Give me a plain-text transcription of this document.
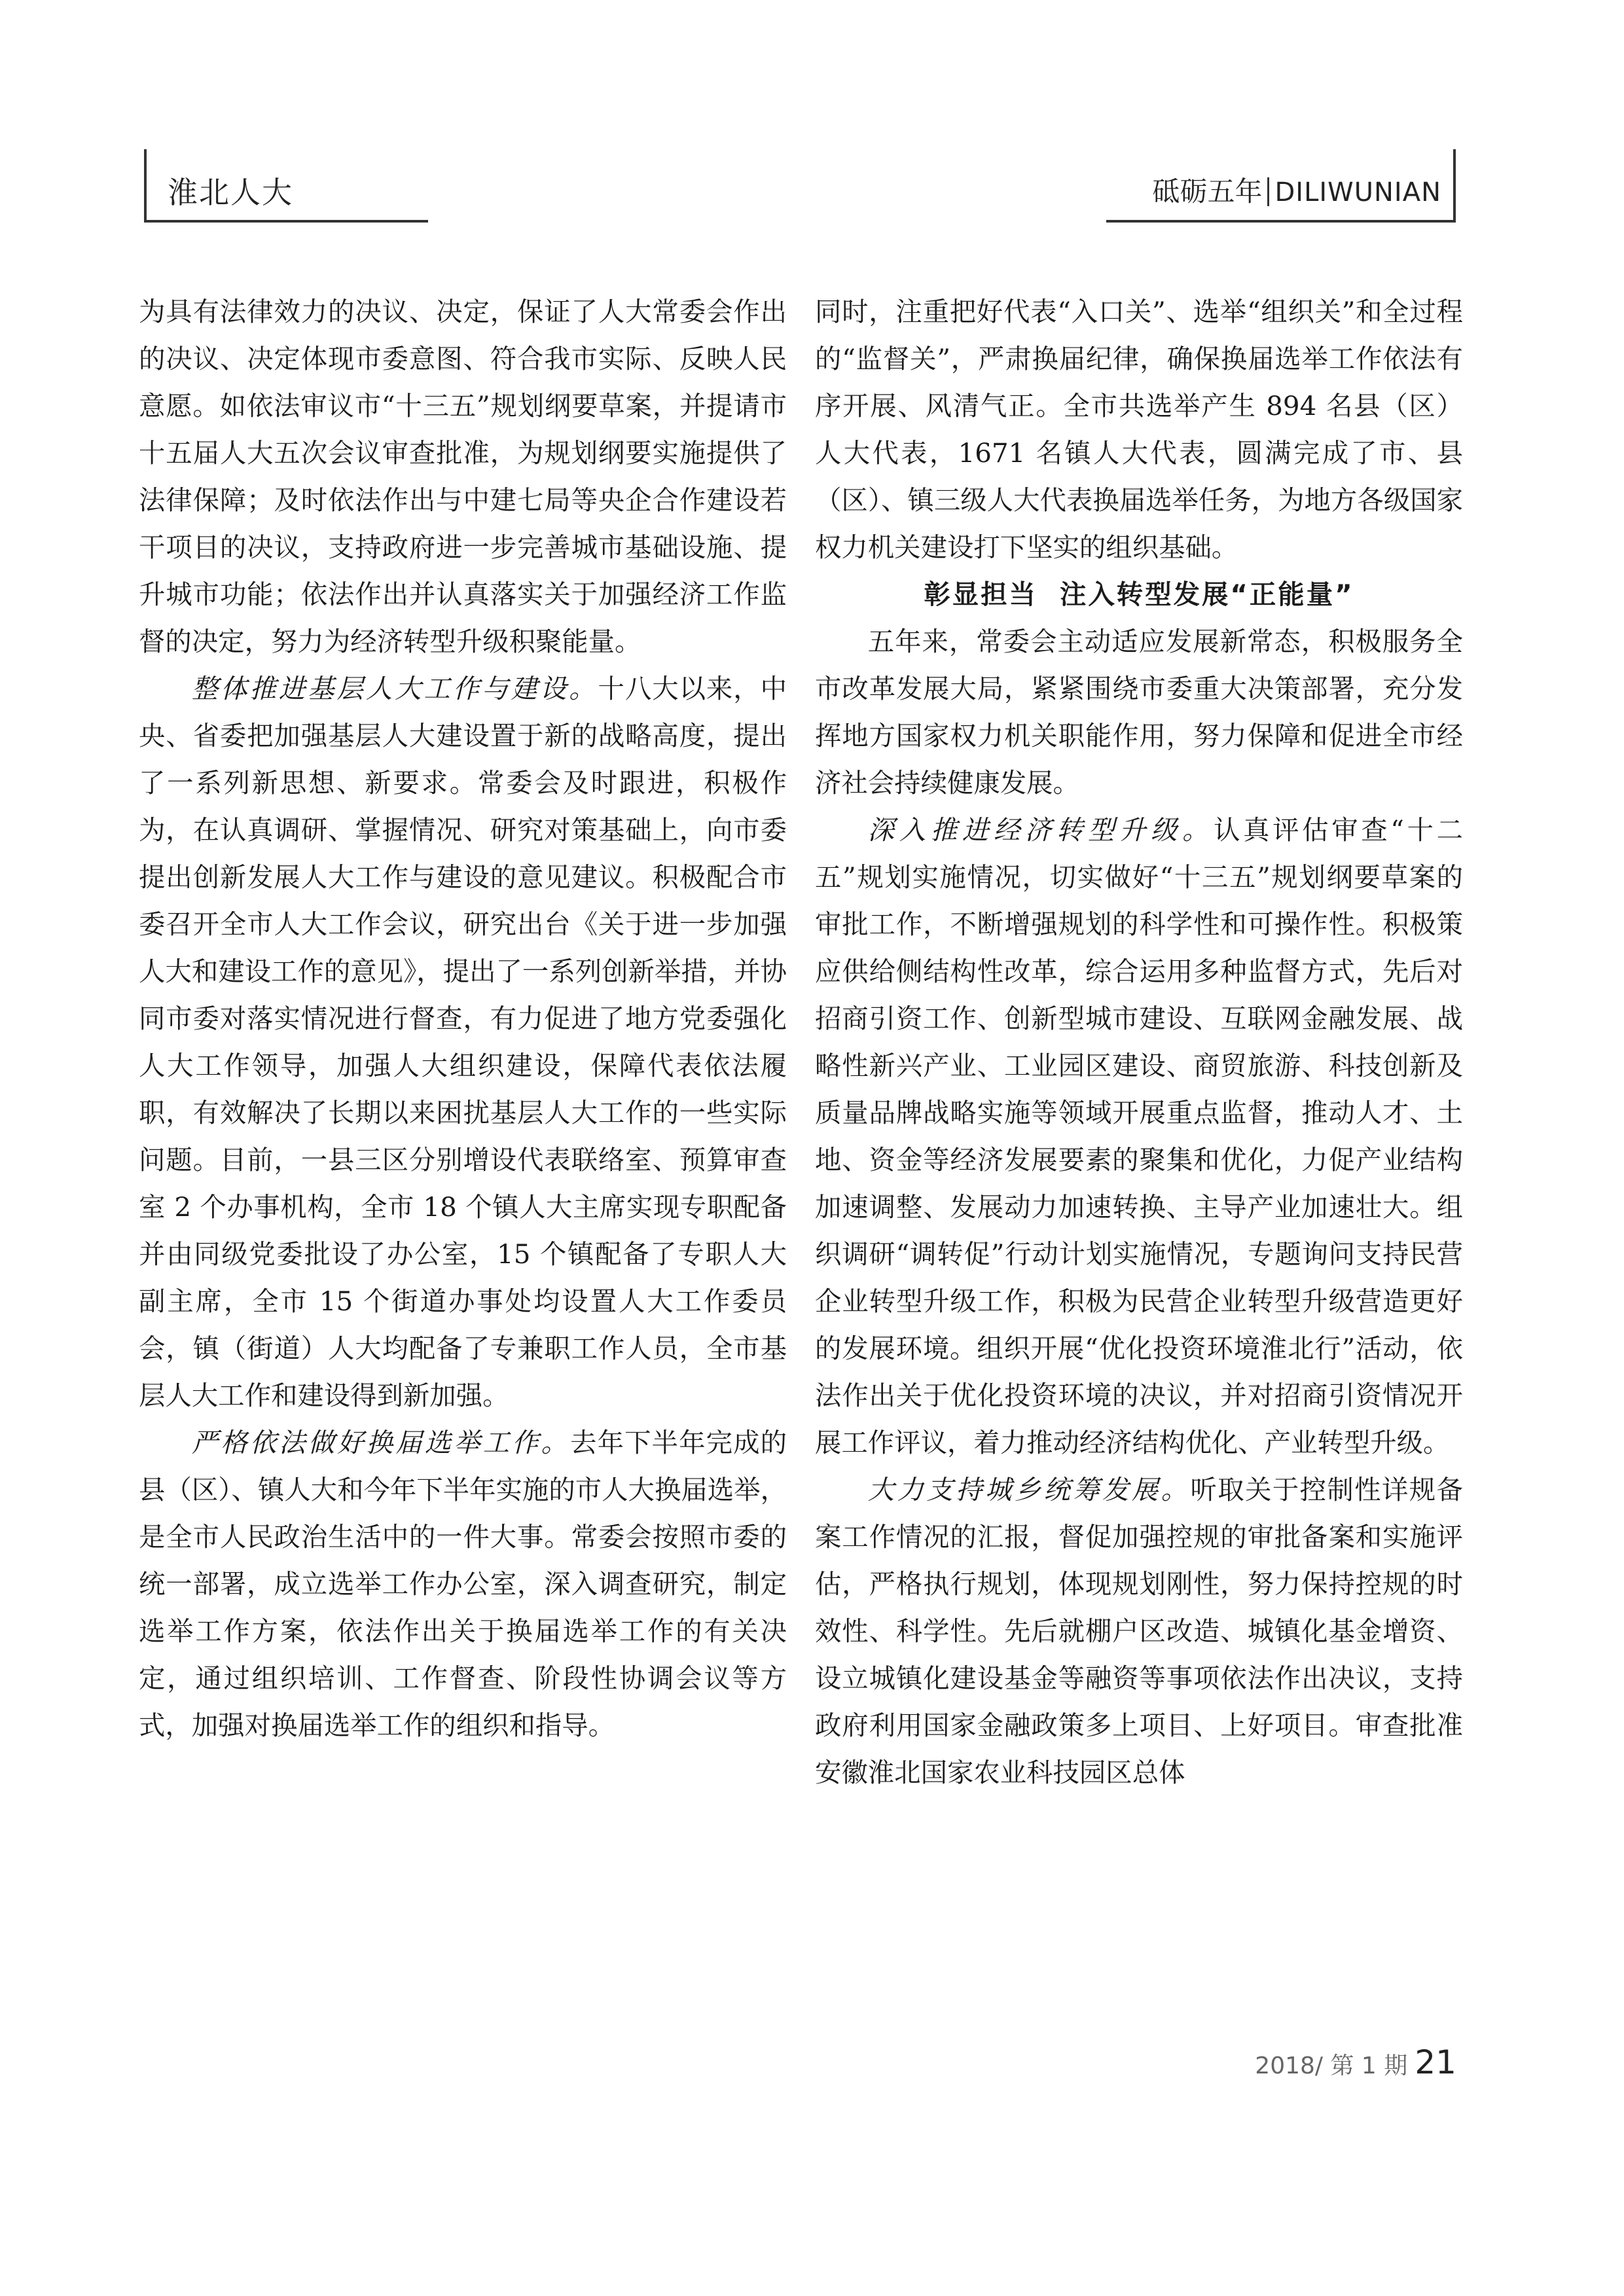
淮北人大	砥砺五年 DILIWUNIAN

为具有法律效力的决议、决定，保证了人大常委会作出的决议、决定体现市委意图、符合我市实际、反映人民意愿。如依法审议市“十三五”规划纲要草案，并提请市十五届人大五次会议审查批准，为规划纲要实施提供了法律保障；及时依法作出与中建七局等央企合作建设若干项目的决议，支持政府进一步完善城市基础设施、提升城市功能；依法作出并认真落实关于加强经济工作监督的决定，努力为经济转型升级积聚能量。

整体推进基层人大工作与建设。十八大以来，中央、省委把加强基层人大建设置于新的战略高度，提出了一系列新思想、新要求。常委会及时跟进，积极作为，在认真调研、掌握情况、研究对策基础上，向市委提出创新发展人大工作与建设的意见建议。积极配合市委召开全市人大工作会议，研究出台《关于进一步加强人大和建设工作的意见》，提出了一系列创新举措，并协同市委对落实情况进行督查，有力促进了地方党委强化人大工作领导，加强人大组织建设，保障代表依法履职，有效解决了长期以来困扰基层人大工作的一些实际问题。目前，一县三区分别增设代表联络室、预算审查室 2 个办事机构，全市 18 个镇人大主席实现专职配备并由同级党委批设了办公室，15 个镇配备了专职人大副主席，全市 15 个街道办事处均设置人大工作委员会，镇（街道）人大均配备了专兼职工作人员，全市基层人大工作和建设得到新加强。

严格依法做好换届选举工作。去年下半年完成的县（区）、镇人大和今年下半年实施的市人大换届选举，是全市人民政治生活中的一件大事。常委会按照市委的统一部署，成立选举工作办公室，深入调查研究，制定选举工作方案，依法作出关于换届选举工作的有关决定，通过组织培训、工作督查、阶段性协调会议等方式，加强对换届选举工作的组织和指导。

同时，注重把好代表“入口关”、选举“组织关”和全过程的“监督关”，严肃换届纪律，确保换届选举工作依法有序开展、风清气正。全市共选举产生 894 名县（区）人大代表，1671 名镇人大代表，圆满完成了市、县（区）、镇三级人大代表换届选举任务，为地方各级国家权力机关建设打下坚实的组织基础。

彰显担当  注入转型发展“正能量”

五年来，常委会主动适应发展新常态，积极服务全市改革发展大局，紧紧围绕市委重大决策部署，充分发挥地方国家权力机关职能作用，努力保障和促进全市经济社会持续健康发展。

深入推进经济转型升级。认真评估审查“十二五”规划实施情况，切实做好“十三五”规划纲要草案的审批工作，不断增强规划的科学性和可操作性。积极策应供给侧结构性改革，综合运用多种监督方式，先后对招商引资工作、创新型城市建设、互联网金融发展、战略性新兴产业、工业园区建设、商贸旅游、科技创新及质量品牌战略实施等领域开展重点监督，推动人才、土地、资金等经济发展要素的聚集和优化，力促产业结构加速调整、发展动力加速转换、主导产业加速壮大。组织调研“调转促”行动计划实施情况，专题询问支持民营企业转型升级工作，积极为民营企业转型升级营造更好的发展环境。组织开展“优化投资环境淮北行”活动，依法作出关于优化投资环境的决议，并对招商引资情况开展工作评议，着力推动经济结构优化、产业转型升级。

大力支持城乡统筹发展。听取关于控制性详规备案工作情况的汇报，督促加强控规的审批备案和实施评估，严格执行规划，体现规划刚性，努力保持控规的时效性、科学性。先后就棚户区改造、城镇化基金增资、设立城镇化建设基金等融资等事项依法作出决议，支持政府利用国家金融政策多上项目、上好项目。审查批准安徽淮北国家农业科技园区总体

2018/ 第 1 期 21
